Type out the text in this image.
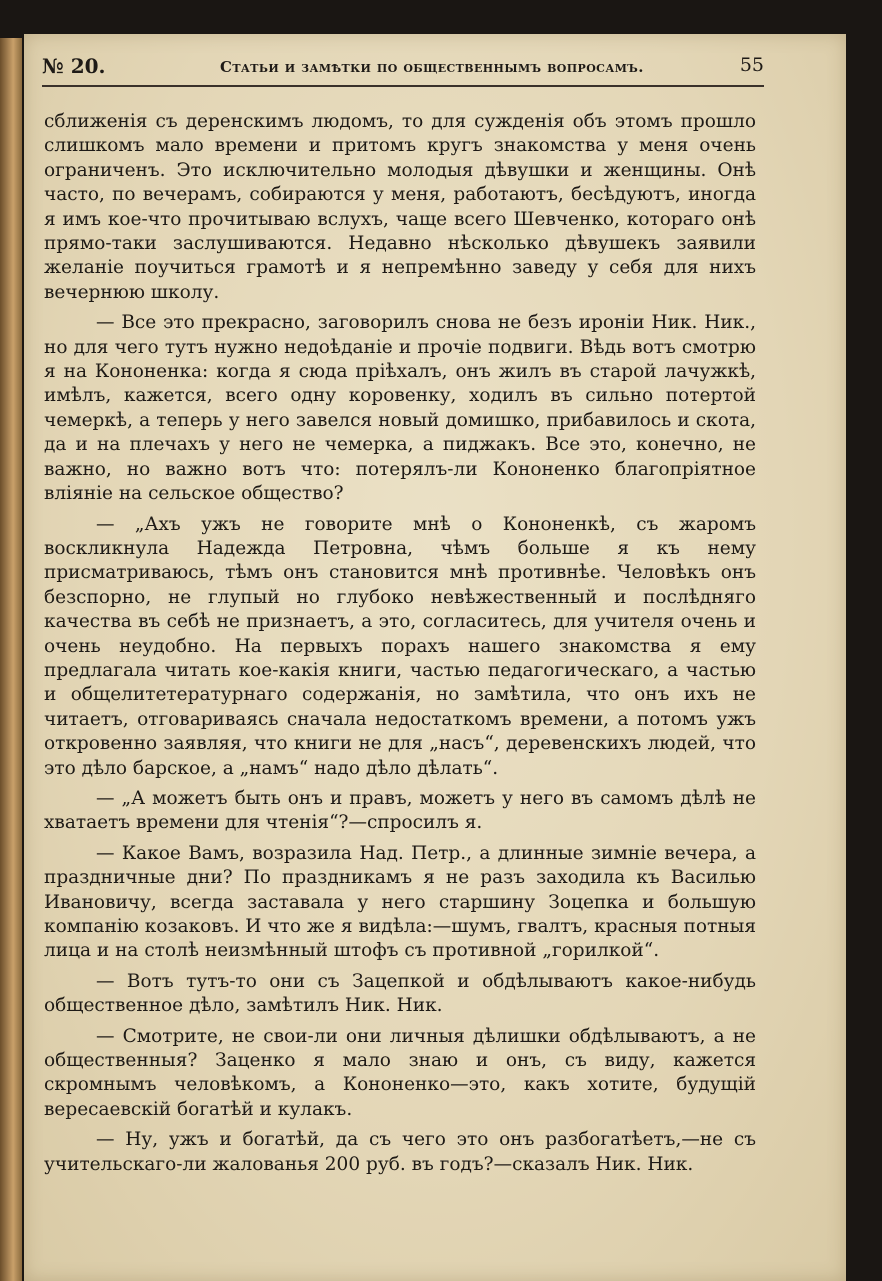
№ 20.	Статьи и замѣтки по общественнымъ вопросамъ.	55

сближенія съ деренскимъ людомъ, то для сужденія объ этомъ прошло слишкомъ мало времени и притомъ кругъ знакомства у меня очень ограниченъ. Это исключительно молодыя дѣвушки и женщины. Онѣ часто, по вечерамъ, собираются у меня, работаютъ, бесѣдуютъ, иногда я имъ кое-что прочитываю вслухъ, чаще всего Шевченко, котораго онѣ прямо-таки заслушиваются. Недавно нѣсколько дѣвушекъ заявили желаніе поучиться грамотѣ и я непремѣнно заведу у себя для нихъ вечернюю школу.

— Все это прекрасно, заговорилъ снова не безъ ироніи Ник. Ник., но для чего тутъ нужно недоѣданіе и прочіе подвиги. Вѣдь вотъ смотрю я на Кононенка: когда я сюда пріѣхалъ, онъ жилъ въ старой лачужкѣ, имѣлъ, кажется, всего одну коровенку, ходилъ въ сильно потертой чемеркѣ, а теперь у него завелся новый домишко, прибавилось и скота, да и на плечахъ у него не чемерка, а пиджакъ. Все это, конечно, не важно, но важно вотъ что: потерялъ-ли Кононенко благопріятное вліяніе на сельское общество?

— „Ахъ ужъ не говорите мнѣ о Кононенкѣ, съ жаромъ воскликнула Надежда Петровна, чѣмъ больше я къ нему присматриваюсь, тѣмъ онъ становится мнѣ противнѣе. Человѣкъ онъ безспорно, не глупый но глубоко невѣжественный и послѣдняго качества въ себѣ не признаетъ, а это, согласитесь, для учителя очень и очень неудобно. На первыхъ порахъ нашего знакомства я ему предлагала читать кое-какія книги, частью педагогическаго, а частью и общелитетературнаго содержанія, но замѣтила, что онъ ихъ не читаетъ, отговариваясь сначала недостаткомъ времени, а потомъ ужъ откровенно заявляя, что книги не для „насъ“, деревенскихъ людей, что это дѣло барское, а „намъ“ надо дѣло дѣлать“.

— „А можетъ быть онъ и правъ, можетъ у него въ самомъ дѣлѣ не хватаетъ времени для чтенія“?—спросилъ я.

— Какое Вамъ, возразила Над. Петр., а длинные зимніе вечера, а праздничные дни? По праздникамъ я не разъ заходила къ Василью Ивановичу, всегда заставала у него старшину Зоцепка и большую компанію козаковъ. И что же я видѣла:—шумъ, гвалтъ, красныя потныя лица и на столѣ неизмѣнный штофъ съ противной „горилкой“.

— Вотъ тутъ-то они съ Зацепкой и обдѣлываютъ какое-нибудь общественное дѣло, замѣтилъ Ник. Ник.

— Смотрите, не свои-ли они личныя дѣлишки обдѣлываютъ, а не общественныя? Заценко я мало знаю и онъ, съ виду, кажется скромнымъ человѣкомъ, а Кононенко—это, какъ хотите, будущій вересаевскій богатѣй и кулакъ.

— Ну, ужъ и богатѣй, да съ чего это онъ разбогатѣетъ,—не съ учительскаго-ли жалованья 200 руб. въ годъ?—сказалъ Ник. Ник.
